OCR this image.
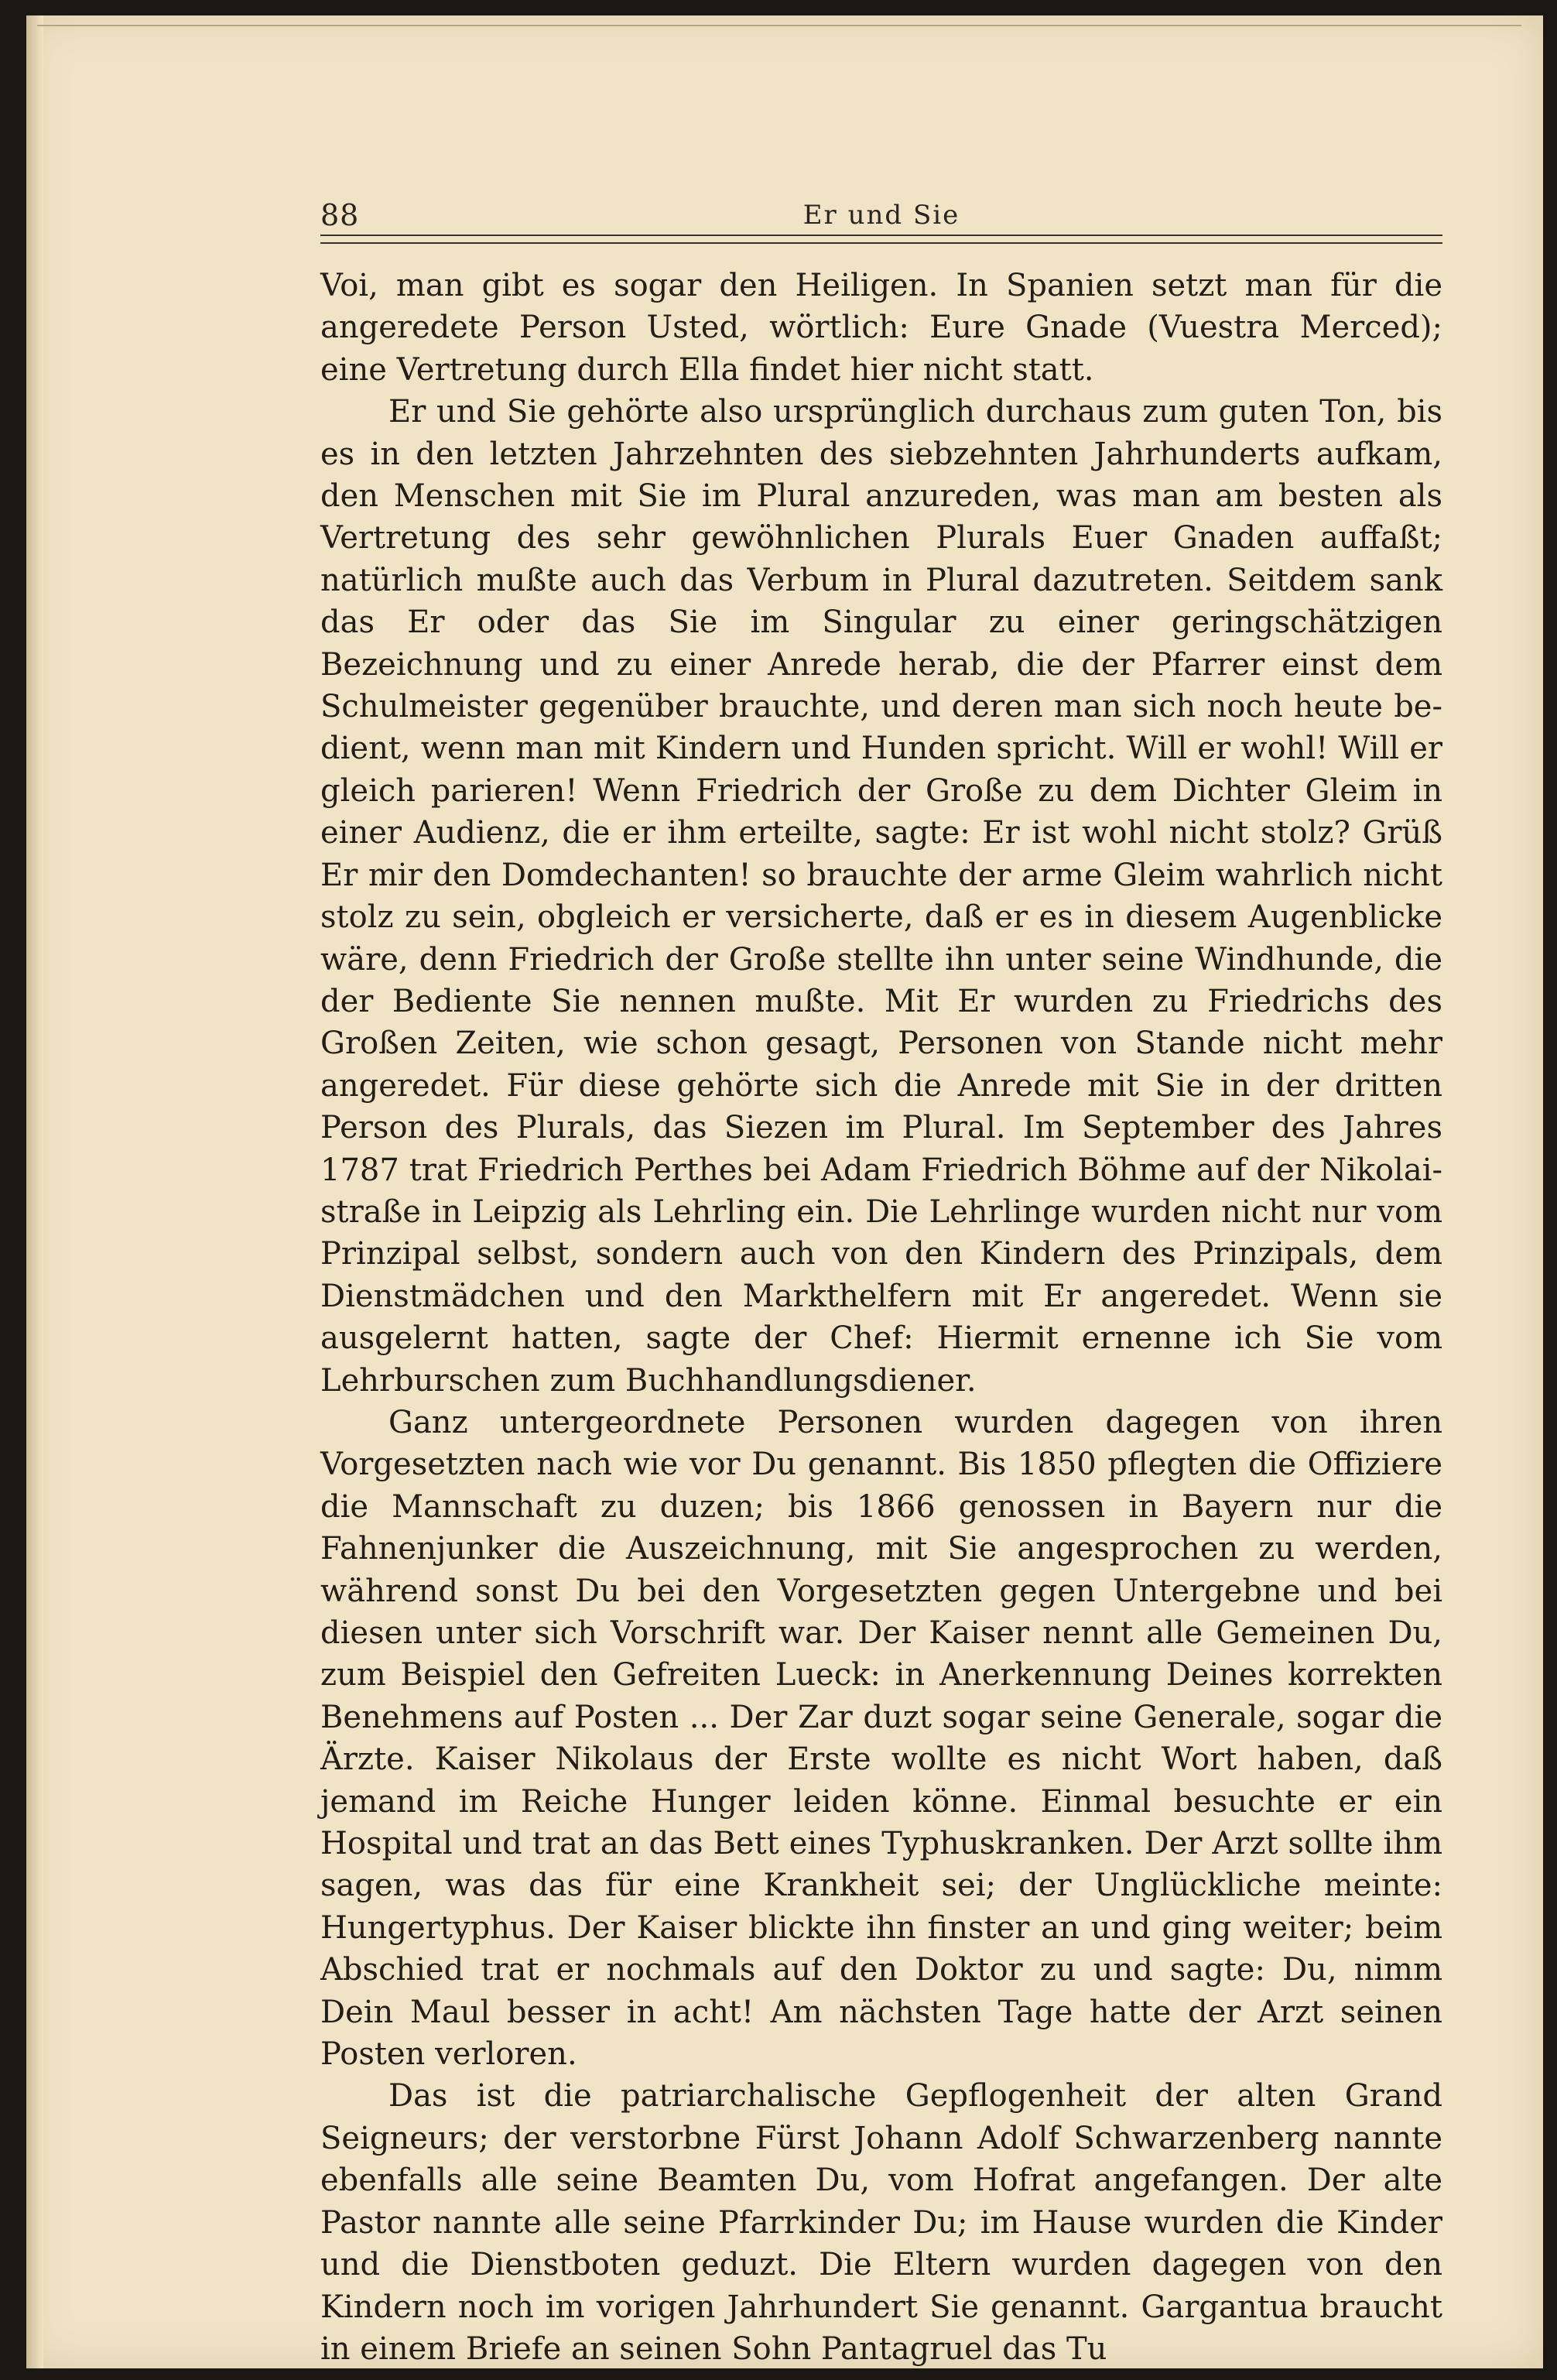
88	Er und Sie

Voi, man gibt es sogar den Heiligen. In Spanien setzt man für die angeredete Person Usted, wörtlich: Eure Gnade (Vuestra Merced); eine Vertretung durch Ella findet hier nicht statt.

Er und Sie gehörte also ursprünglich durchaus zum guten Ton, bis es in den letzten Jahrzehnten des siebzehnten Jahrhunderts aufkam, den Menschen mit Sie im Plural anzureden, was man am besten als Vertretung des sehr gewöhnlichen Plurals Euer Gnaden auffaßt; natürlich mußte auch das Verbum in Plural dazutreten. Seitdem sank das Er oder das Sie im Singular zu einer geringschätzigen Bezeichnung und zu einer Anrede herab, die der Pfarrer einst dem Schulmeister gegenüber brauchte, und deren man sich noch heute bedient, wenn man mit Kindern und Hunden spricht. Will er wohl! Will er gleich parieren! Wenn Friedrich der Große zu dem Dichter Gleim in einer Audienz, die er ihm erteilte, sagte: Er ist wohl nicht stolz? Grüß Er mir den Domdechanten! so brauchte der arme Gleim wahrlich nicht stolz zu sein, obgleich er versicherte, daß er es in diesem Augenblicke wäre, denn Friedrich der Große stellte ihn unter seine Windhunde, die der Bediente Sie nennen mußte. Mit Er wurden zu Friedrichs des Großen Zeiten, wie schon gesagt, Personen von Stande nicht mehr angeredet. Für diese gehörte sich die Anrede mit Sie in der dritten Person des Plurals, das Siezen im Plural. Im September des Jahres 1787 trat Friedrich Perthes bei Adam Friedrich Böhme auf der Nikolaistraße in Leipzig als Lehrling ein. Die Lehrlinge wurden nicht nur vom Prinzipal selbst, sondern auch von den Kindern des Prinzipals, dem Dienstmädchen und den Markthelfern mit Er angeredet. Wenn sie ausgelernt hatten, sagte der Chef: Hiermit ernenne ich Sie vom Lehrburschen zum Buchhandlungsdiener.

Ganz untergeordnete Personen wurden dagegen von ihren Vorgesetzten nach wie vor Du genannt. Bis 1850 pflegten die Offiziere die Mannschaft zu duzen; bis 1866 genossen in Bayern nur die Fahnenjunker die Auszeichnung, mit Sie angesprochen zu werden, während sonst Du bei den Vorgesetzten gegen Untergebne und bei diesen unter sich Vorschrift war. Der Kaiser nennt alle Gemeinen Du, zum Beispiel den Gefreiten Lueck: in Anerkennung Deines korrekten Benehmens auf Posten ... Der Zar duzt sogar seine Generale, sogar die Ärzte. Kaiser Nikolaus der Erste wollte es nicht Wort haben, daß jemand im Reiche Hunger leiden könne. Einmal besuchte er ein Hospital und trat an das Bett eines Typhuskranken. Der Arzt sollte ihm sagen, was das für eine Krankheit sei; der Unglückliche meinte: Hungertyphus. Der Kaiser blickte ihn finster an und ging weiter; beim Abschied trat er nochmals auf den Doktor zu und sagte: Du, nimm Dein Maul besser in acht! Am nächsten Tage hatte der Arzt seinen Posten verloren.

Das ist die patriarchalische Gepflogenheit der alten Grand Seigneurs; der verstorbne Fürst Johann Adolf Schwarzenberg nannte ebenfalls alle seine Beamten Du, vom Hofrat angefangen. Der alte Pastor nannte alle seine Pfarrkinder Du; im Hause wurden die Kinder und die Dienstboten geduzt. Die Eltern wurden dagegen von den Kindern noch im vorigen Jahrhundert Sie genannt. Gargantua braucht in einem Briefe an seinen Sohn Pantagruel das Tu
